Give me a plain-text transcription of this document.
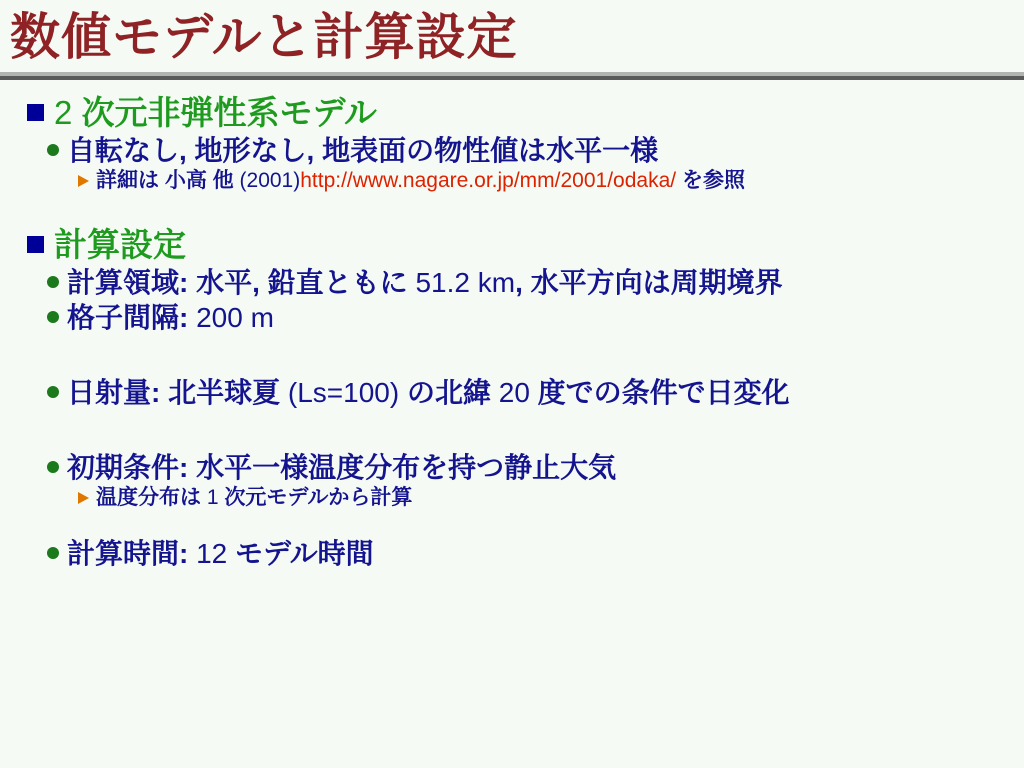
数値モデルと計算設定
2 次元非弾性系モデル
自転なし, 地形なし, 地表面の物性値は水平一様
詳細は 小高 他 (2001)http://www.nagare.or.jp/mm/2001/odaka/ を参照
計算設定
計算領域: 水平, 鉛直ともに 51.2 km, 水平方向は周期境界
格子間隔: 200 m
日射量: 北半球夏 (Ls=100) の北緯 20 度での条件で日変化
初期条件: 水平一様温度分布を持つ静止大気
温度分布は 1 次元モデルから計算
計算時間: 12 モデル時間
